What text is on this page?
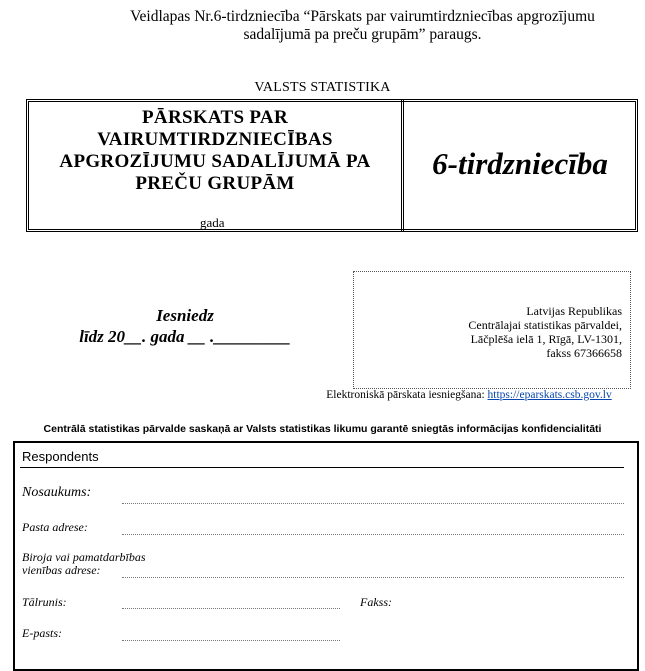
Veidlapas Nr.6-tirdzniecība “Pārskats par vairumtirdzniecības apgrozījumu
sadalījumā pa preču grupām” paraugs.
VALSTS STATISTIKA
PĀRSKATS PAR
VAIRUMTIRDZNIECĪBAS
APGROZĪJUMU SADALĪJUMĀ PA
PREČU GRUPĀM
gada
6-tirdzniecība
Iesniedz
līdz 20__. gada __ ._________
Latvijas Republikas
Centrālajai statistikas pārvaldei,
Lāčplēša ielā 1, Rīgā, LV-1301,
fakss 67366658
Elektroniskā pārskata iesniegšana: https://eparskats.csb.gov.lv
Centrālā statistikas pārvalde saskaņā ar Valsts statistikas likumu garantē sniegtās informācijas konfidencialitāti
Respondents
Nosaukums:
Pasta adrese:
Biroja vai pamatdarbības
vienības adrese:
Tālrunis:	Fakss:
E-pasts:
